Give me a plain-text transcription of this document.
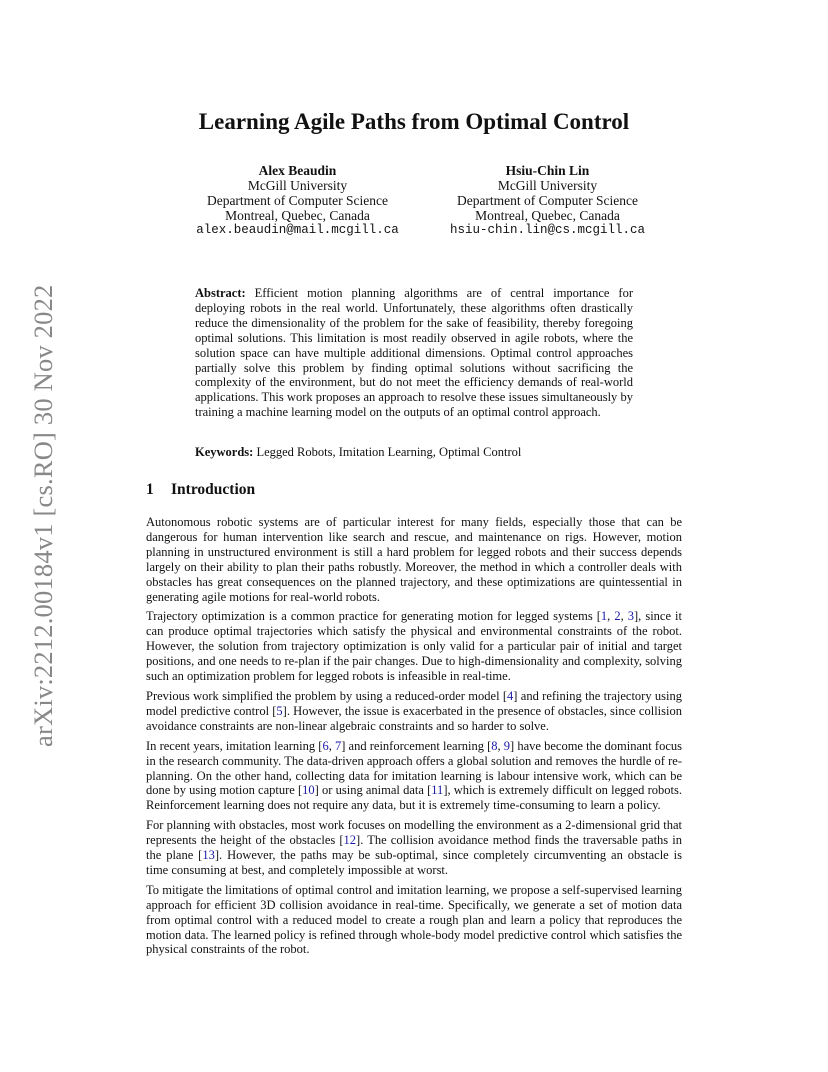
arXiv:2212.00184v1 [cs.RO] 30 Nov 2022
Learning Agile Paths from Optimal Control
Alex Beaudin
McGill University
Department of Computer Science
Montreal, Quebec, Canada
alex.beaudin@mail.mcgill.ca
Hsiu-Chin Lin
McGill University
Department of Computer Science
Montreal, Quebec, Canada
hsiu-chin.lin@cs.mcgill.ca
Abstract: Efficient motion planning algorithms are of central importance for deploying robots in the real world. Unfortunately, these algorithms often drastically reduce the dimensionality of the problem for the sake of feasibility, thereby foregoing optimal solutions. This limitation is most readily observed in agile robots, where the solution space can have multiple additional dimensions. Optimal control approaches partially solve this problem by finding optimal solutions without sacrificing the complexity of the environment, but do not meet the efficiency demands of real-world applications. This work proposes an approach to resolve these issues simultaneously by training a machine learning model on the outputs of an optimal control approach.
Keywords: Legged Robots, Imitation Learning, Optimal Control
1 Introduction

Autonomous robotic systems are of particular interest for many fields, especially those that can be dangerous for human intervention like search and rescue, and maintenance on rigs. However, motion planning in unstructured environment is still a hard problem for legged robots and their success depends largely on their ability to plan their paths robustly. Moreover, the method in which a controller deals with obstacles has great consequences on the planned trajectory, and these optimizations are quintessential in generating agile motions for real-world robots.

Trajectory optimization is a common practice for generating motion for legged systems [1, 2, 3], since it can produce optimal trajectories which satisfy the physical and environmental constraints of the robot. However, the solution from trajectory optimization is only valid for a particular pair of initial and target positions, and one needs to re-plan if the pair changes. Due to high-dimensionality and complexity, solving such an optimization problem for legged robots is infeasible in real-time.

Previous work simplified the problem by using a reduced-order model [4] and refining the trajectory using model predictive control [5]. However, the issue is exacerbated in the presence of obstacles, since collision avoidance constraints are non-linear algebraic constraints and so harder to solve.

In recent years, imitation learning [6, 7] and reinforcement learning [8, 9] have become the dominant focus in the research community. The data-driven approach offers a global solution and removes the hurdle of re-planning. On the other hand, collecting data for imitation learning is labour intensive work, which can be done by using motion capture [10] or using animal data [11], which is extremely difficult on legged robots. Reinforcement learning does not require any data, but it is extremely time-consuming to learn a policy.

For planning with obstacles, most work focuses on modelling the environment as a 2-dimensional grid that represents the height of the obstacles [12]. The collision avoidance method finds the traversable paths in the plane [13]. However, the paths may be sub-optimal, since completely circumventing an obstacle is time consuming at best, and completely impossible at worst.

To mitigate the limitations of optimal control and imitation learning, we propose a self-supervised learning approach for efficient 3D collision avoidance in real-time. Specifically, we generate a set of motion data from optimal control with a reduced model to create a rough plan and learn a policy that reproduces the motion data. The learned policy is refined through whole-body model predictive control which satisfies the physical constraints of the robot.
